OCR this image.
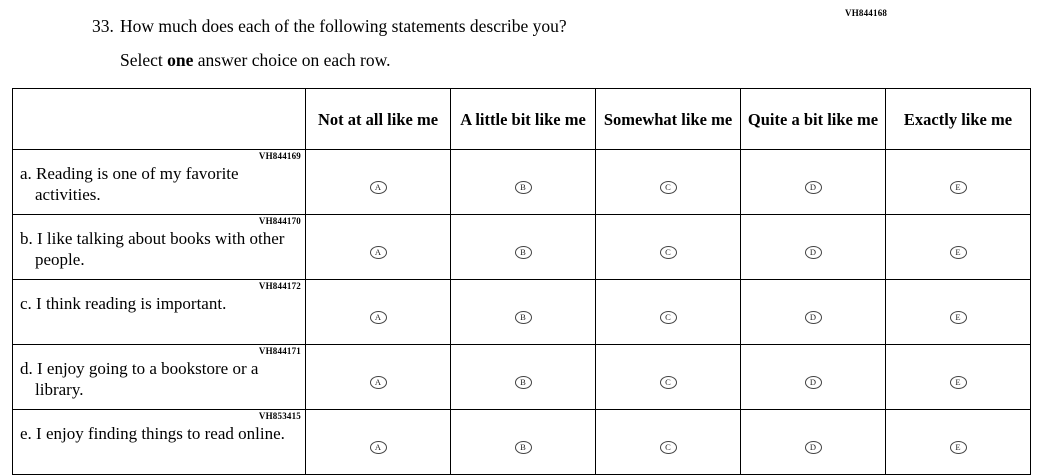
VH844168
33. How much does each of the following statements describe you?
Select one answer choice on each row.
	Not at all like me	A little bit like me	Somewhat like me	Quite a bit like me	Exactly like me

VH844169
a. Reading is one of my favorite activities.	A	B	C	D	E

VH844170
b. I like talking about books with other people.	A	B	C	D	E

VH844172
c. I think reading is important.	A	B	C	D	E

VH844171
d. I enjoy going to a bookstore or a library.	A	B	C	D	E

VH853415
e. I enjoy finding things to read online.	A	B	C	D	E
